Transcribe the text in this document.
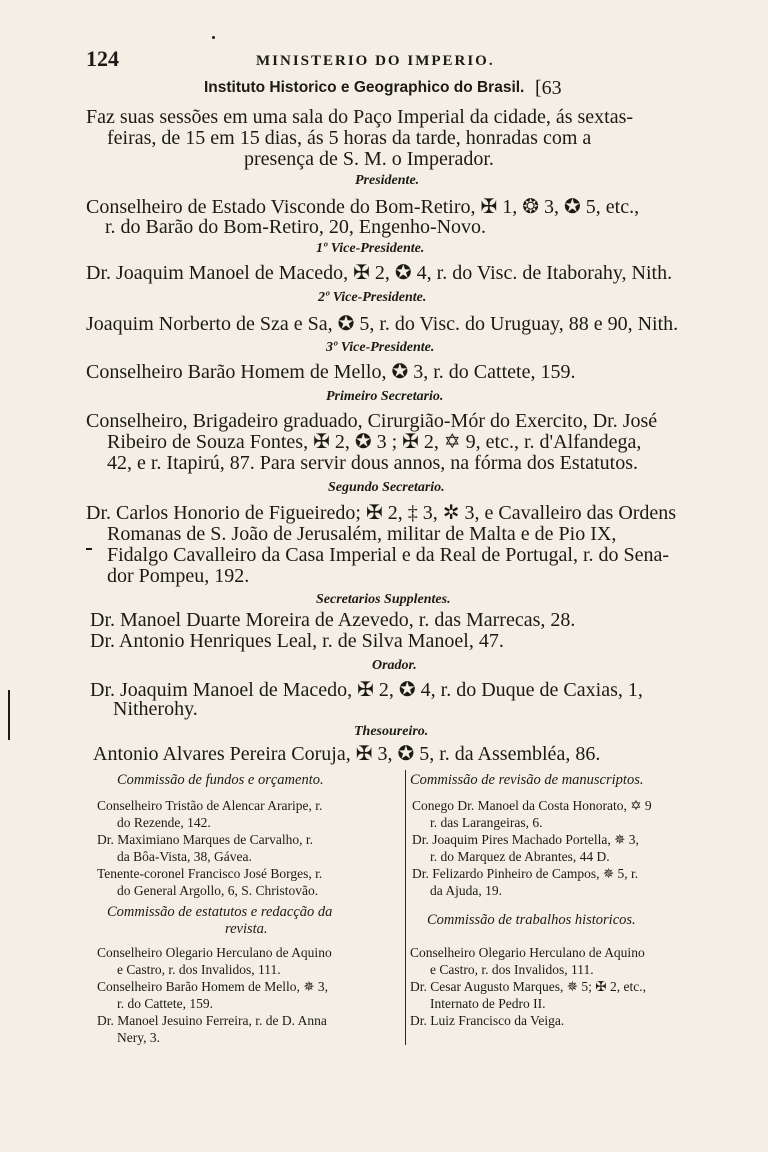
124	MINISTERIO DO IMPERIO.
Instituto Historico e Geographico do Brasil. [63
Faz suas sessões em uma sala do Paço Imperial da cidade, ás sextas-
feiras, de 15 em 15 dias, ás 5 horas da tarde, honradas com a
presença de S. M. o Imperador.
Presidente.
Conselheiro de Estado Visconde do Bom-Retiro, ✠ 1, ❂ 3, ✪ 5, etc.,
r. do Barão do Bom-Retiro, 20, Engenho-Novo.
1º Vice-Presidente.
Dr. Joaquim Manoel de Macedo, ✠ 2, ✪ 4, r. do Visc. de Itaborahy, Nith.
2º Vice-Presidente.
Joaquim Norberto de Sza e Sa, ✪ 5, r. do Visc. do Uruguay, 88 e 90, Nith.
3º Vice-Presidente.
Conselheiro Barão Homem de Mello, ✪ 3, r. do Cattete, 159.
Primeiro Secretario.
Conselheiro, Brigadeiro graduado, Cirurgião-Mór do Exercito, Dr. José
Ribeiro de Souza Fontes, ✠ 2, ✪ 3 ; ✠ 2, ✡ 9, etc., r. d'Alfandega,
42, e r. Itapirú, 87. Para servir dous annos, na fórma dos Estatutos.
Segundo Secretario.
Dr. Carlos Honorio de Figueiredo; ✠ 2, ‡ 3, ✲ 3, e Cavalleiro das Ordens
Romanas de S. João de Jerusalém, militar de Malta e de Pio IX,
Fidalgo Cavalleiro da Casa Imperial e da Real de Portugal, r. do Sena-
dor Pompeu, 192.
Secretarios Supplentes.
Dr. Manoel Duarte Moreira de Azevedo, r. das Marrecas, 28.
Dr. Antonio Henriques Leal, r. de Silva Manoel, 47.
Orador.
Dr. Joaquim Manoel de Macedo, ✠ 2, ✪ 4, r. do Duque de Caxias, 1,
Nitherohy.
Thesoureiro.
Antonio Alvares Pereira Coruja, ✠ 3, ✪ 5, r. da Assembléa, 86.
Commissão de fundos e orçamento.
Conselheiro Tristão de Alencar Araripe, r.
do Rezende, 142.
Dr. Maximiano Marques de Carvalho, r.
da Bôa-Vista, 38, Gávea.
Tenente-coronel Francisco José Borges, r.
do General Argollo, 6, S. Christovão.
Commissão de estatutos e redacção da
revista.
Conselheiro Olegario Herculano de Aquino
e Castro, r. dos Invalidos, 111.
Conselheiro Barão Homem de Mello, ✵ 3,
r. do Cattete, 159.
Dr. Manoel Jesuino Ferreira, r. de D. Anna
Nery, 3.
Commissão de revisão de manuscriptos.
Conego Dr. Manoel da Costa Honorato, ✡ 9
r. das Larangeiras, 6.
Dr. Joaquim Pires Machado Portella, ✵ 3,
r. do Marquez de Abrantes, 44 D.
Dr. Felizardo Pinheiro de Campos, ✵ 5, r.
da Ajuda, 19.
Commissão de trabalhos historicos.
Conselheiro Olegario Herculano de Aquino
e Castro, r. dos Invalidos, 111.
Dr. Cesar Augusto Marques, ✵ 5; ✠ 2, etc.,
Internato de Pedro II.
Dr. Luiz Francisco da Veiga.
